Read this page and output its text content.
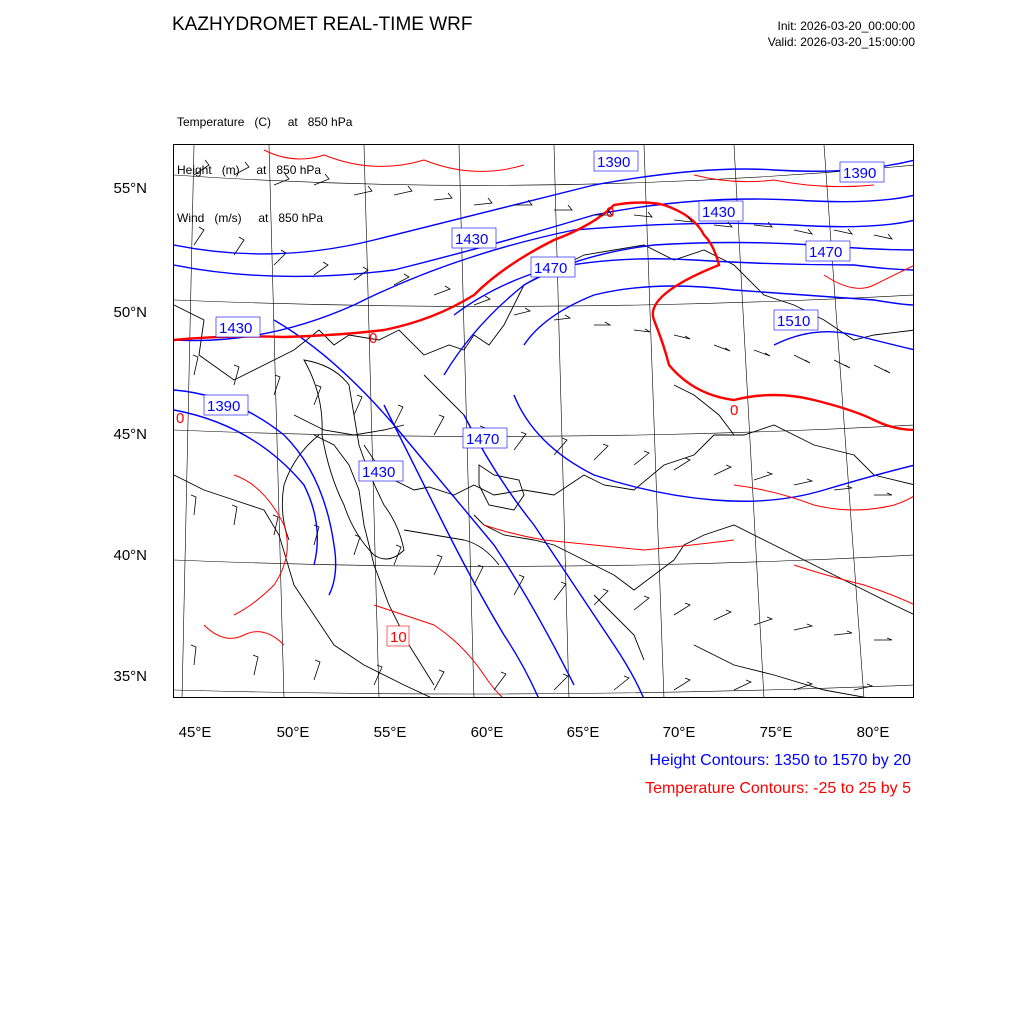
KAZHYDROMET REAL-TIME WRF	Init: 2026-03-20_00:00:00
Valid: 2026-03-20_15:00:00

Temperature   (C)     at   850 hPa

Height   (m)     at   850 hPa

Wind   (m/s)     at   850 hPa

1390
1390
1430
1430
1470
1470
1430
1390
1470
1430
1510
0
0
0
0
10
55°N
50°N
45°N
40°N
35°N
45°E	50°E	55°E	60°E	65°E	70°E	75°E	80°E
Height Contours: 1350 to 1570 by 20
Temperature Contours: -25 to 25 by 5
